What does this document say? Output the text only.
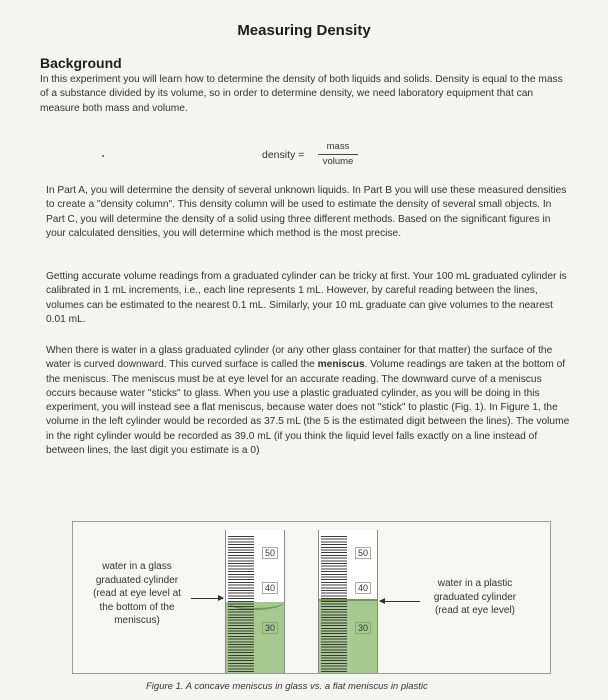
Measuring Density
Background
In this experiment you will learn how to determine the density of both liquids and solids. Density is equal to the mass of a substance divided by its volume, so in order to determine density, we need laboratory equipment that can measure both mass and volume.
density =
mass
volume
In Part A, you will determine the density of several unknown liquids. In Part B you will use these measured densities to create a "density column". This density column will be used to estimate the density of several small objects. In Part C, you will determine the density of a solid using three different methods. Based on the significant figures in your calculated densities, you will determine which method is the most precise.
Getting accurate volume readings from a graduated cylinder can be tricky at first. Your 100 mL graduated cylinder is calibrated in 1 mL increments, i.e., each line represents 1 mL. However, by careful reading between the lines, volumes can be estimated to the nearest 0.1 mL. Similarly, your 10 mL graduate can give volumes to the nearest 0.01 mL.
When there is water in a glass graduated cylinder (or any other glass container for that matter) the surface of the water is curved downward. This curved surface is called the meniscus. Volume readings are taken at the bottom of the meniscus. The meniscus must be at eye level for an accurate reading. The downward curve of a meniscus occurs because water "sticks" to glass. When you use a plastic graduated cylinder, as you will be doing in this experiment, you will instead see a flat meniscus, because water does not "stick" to plastic (Fig. 1). In Figure 1, the volume in the left cylinder would be recorded as 37.5 mL (the 5 is the estimated digit between the lines). The volume in the right cylinder would be recorded as 39.0 mL (if you think the liquid level falls exactly on a line instead of between lines, the last digit you estimate is a 0)
water in a glass graduated cylinder (read at eye level at the bottom of the meniscus)
50
40
30
50
40
30
water in a plastic graduated cylinder (read at eye level)
Figure 1. A concave meniscus in glass vs. a flat meniscus in plastic
